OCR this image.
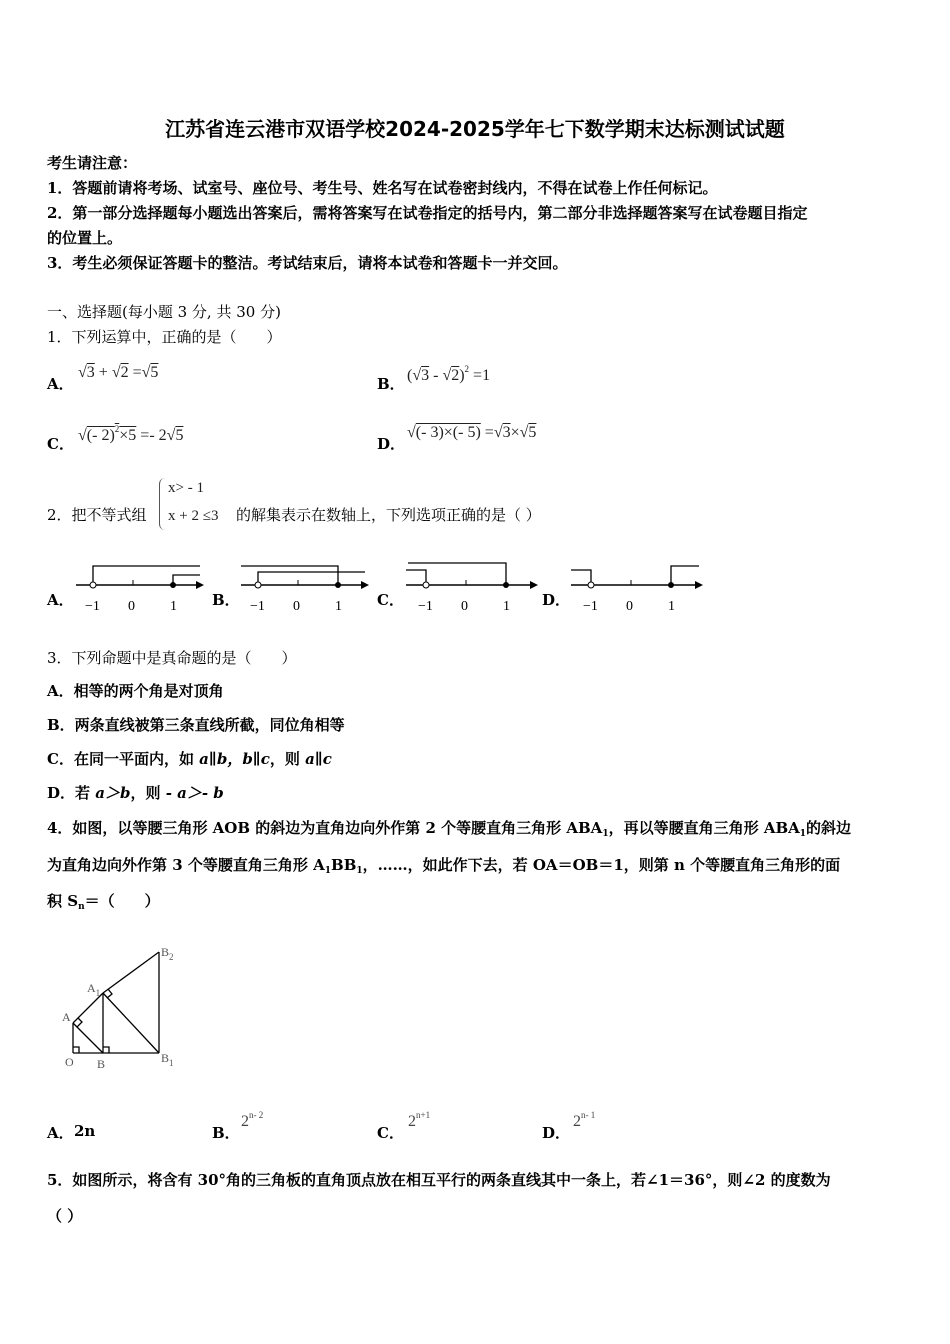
江苏省连云港市双语学校2024-2025学年七下数学期末达标测试试题
考生请注意：
1．答题前请将考场、试室号、座位号、考生号、姓名写在试卷密封线内，不得在试卷上作任何标记。
2．第一部分选择题每小题选出答案后，需将答案写在试卷指定的括号内，第二部分非选择题答案写在试卷题目指定
的位置上。
3．考生必须保证答题卡的整洁。考试结束后，请将本试卷和答题卡一并交回。
一、选择题(每小题 3 分, 共 30 分)
1．下列运算中，正确的是（　　）
A．
√3 + √2 =√5
B． (√3 - √2)$^2$ =1
C． √(- 2)$^2$×5 =- 2√5	D．
√(- 3)×(- 5) =√3×√5
2．把不等式组
x> - 1
x + 2 ≤3 的解集表示在数轴上，下列选项正确的是（ ）
A．	B．	C．	D．
−1 0	1	−1 0	1	−1 0	1	−1 0	1
3．下列命题中是真命题的是（　　）
A．相等的两个角是对顶角
B．两条直线被第三条直线所截，同位角相等
C．在同一平面内，如 a∥b，b∥c，则 a∥c
D．若 a＞b，则 - a＞- b
4．如图，以等腰三角形 AOB 的斜边为直角边向外作第 2 个等腰直角三角形 $ABA_1$，再以等腰直角三角形 $ABA_1$的斜边
为直角边向外作第 3 个等腰直角三角形 $A_1BB_1$，……，如此作下去，若 OA＝OB＝1，则第 n 个等腰直角三角形的面
积 $S_n=$（　　）
$B_2$
$A_1$
A
O B	$B_1$
A． 2n	B．
2$^{n- 2}$
C．
$2^{n+1}$
D．
2$^{n- 1}$
5．如图所示，将含有 30°角的三角板的直角顶点放在相互平行的两条直线其中一条上，若∠1＝36°，则∠2 的度数为
（ ）
